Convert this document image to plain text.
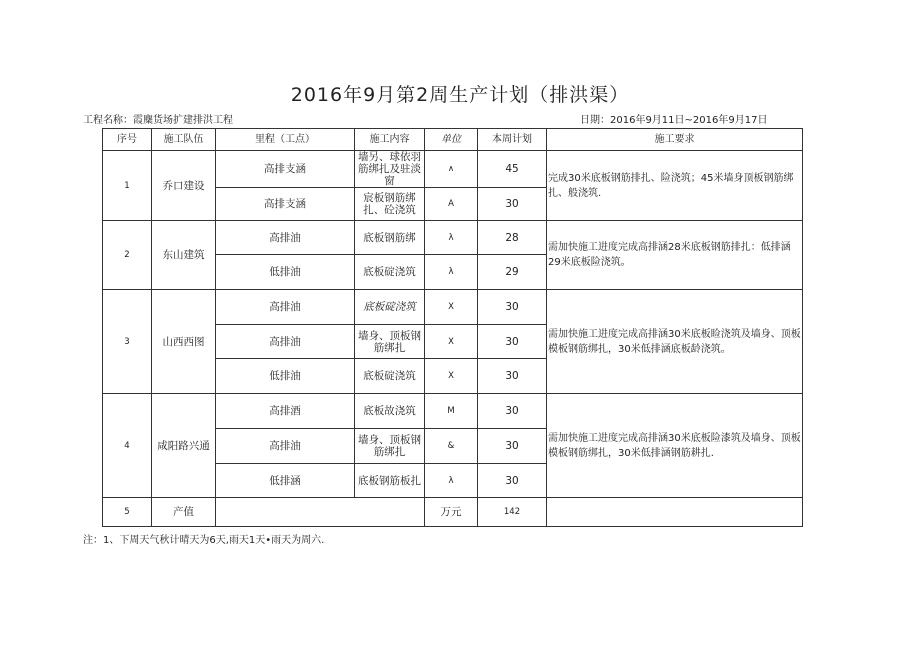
2016年9月第2周生产计划（排洪渠）
工程名称：霞麋货场扩建排洪工程	日期：2016年9月11日~2016年9月17日
序号	施工队伍	里程（工点）	施工内容	单位	本周计划	施工要求
1	乔口建设	高排支涵	墙另、球依羽筋绑扎及驻淡窗	∧	45	完成30米底板钢筋排扎、险浇筑；45米墙身顶板钢筋绑扎、般浇筑.
		高排支涵	宸板钢筋绑扎、砼浇筑	A	30	
2	东山建筑	高排油	底板钢筋绑	λ	28	需加快施工进度完成高排涵28米底板钢筋排扎：低排涵29米底板险浇筑。
		低排油	底板碇浇筑	λ	29	
3	山西西图	高排油	底板碇浇筑	X	30	需加快施工进度完成高排涵30米底板睑浇筑及墙身、顶板模板钢筋绑扎，30米低排涵底板龄浇筑。
		高排油	墙身、顶板钢筋绑扎	X	30	
		低排油	底板碇浇筑	X	30	
4	咸阳路兴通	高排酒	底板故浇筑	M	30	需加快施工进度完成高排涵30米底板险漆筑及墙身、顶板模板钢筋绑扎，30米低排涵钢筋耕扎.
		高排油	墙身、顶板钢筋绑扎	&	30	
		低排涵	底板钢筋板扎	λ	30	
5	产值			万元	142	
注：1、下周天气秋计晴天为6天,雨天1天•雨天为周六.
